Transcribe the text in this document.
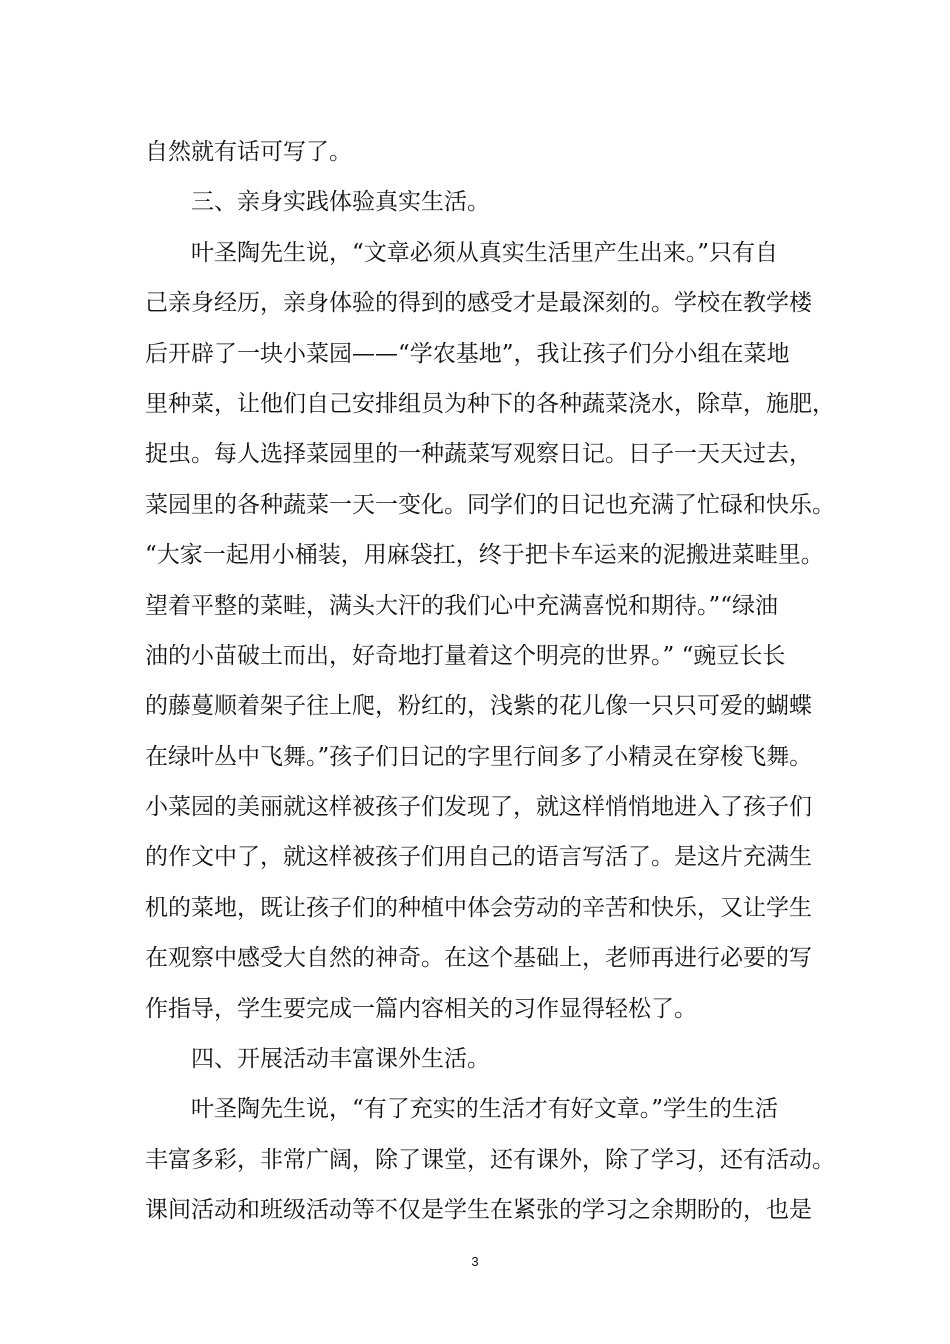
自然就有话可写了。
三、亲身实践体验真实生活。
叶圣陶先生说，“文章必须从真实生活里产生出来。”只有自
己亲身经历，亲身体验的得到的感受才是最深刻的。学校在教学楼
后开辟了一块小菜园——“学农基地”，我让孩子们分小组在菜地
里种菜，让他们自己安排组员为种下的各种蔬菜浇水，除草，施肥，
捉虫。每人选择菜园里的一种蔬菜写观察日记。日子一天天过去，
菜园里的各种蔬菜一天一变化。同学们的日记也充满了忙碌和快乐。
“大家一起用小桶装，用麻袋扛，终于把卡车运来的泥搬进菜畦里。
望着平整的菜畦，满头大汗的我们心中充满喜悦和期待。”“绿油
油的小苗破土而出，好奇地打量着这个明亮的世界。” “豌豆长长
的藤蔓顺着架子往上爬，粉红的，浅紫的花儿像一只只可爱的蝴蝶
在绿叶丛中飞舞。”孩子们日记的字里行间多了小精灵在穿梭飞舞。
小菜园的美丽就这样被孩子们发现了，就这样悄悄地进入了孩子们
的作文中了，就这样被孩子们用自己的语言写活了。是这片充满生
机的菜地，既让孩子们的种植中体会劳动的辛苦和快乐，又让学生
在观察中感受大自然的神奇。在这个基础上，老师再进行必要的写
作指导，学生要完成一篇内容相关的习作显得轻松了。
四、开展活动丰富课外生活。
叶圣陶先生说，“有了充实的生活才有好文章。”学生的生活
丰富多彩，非常广阔，除了课堂，还有课外，除了学习，还有活动。
课间活动和班级活动等不仅是学生在紧张的学习之余期盼的，也是
3
